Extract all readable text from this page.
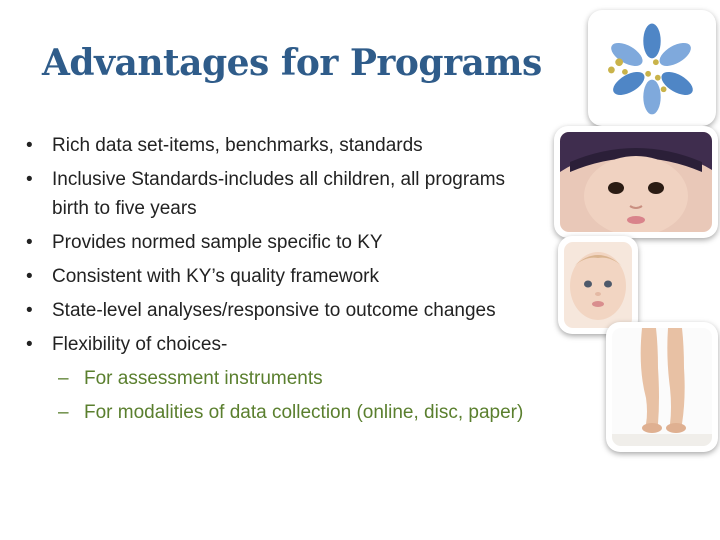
Advantages for Programs
• Rich data set-items, benchmarks, standards
• Inclusive Standards-includes all children, all programs birth to five years
• Provides normed sample specific to KY
• Consistent with KY’s quality framework
• State-level analyses/responsive to outcome changes
• Flexibility of choices-
– For assessment instruments
– For modalities of data collection (online, disc, paper)
